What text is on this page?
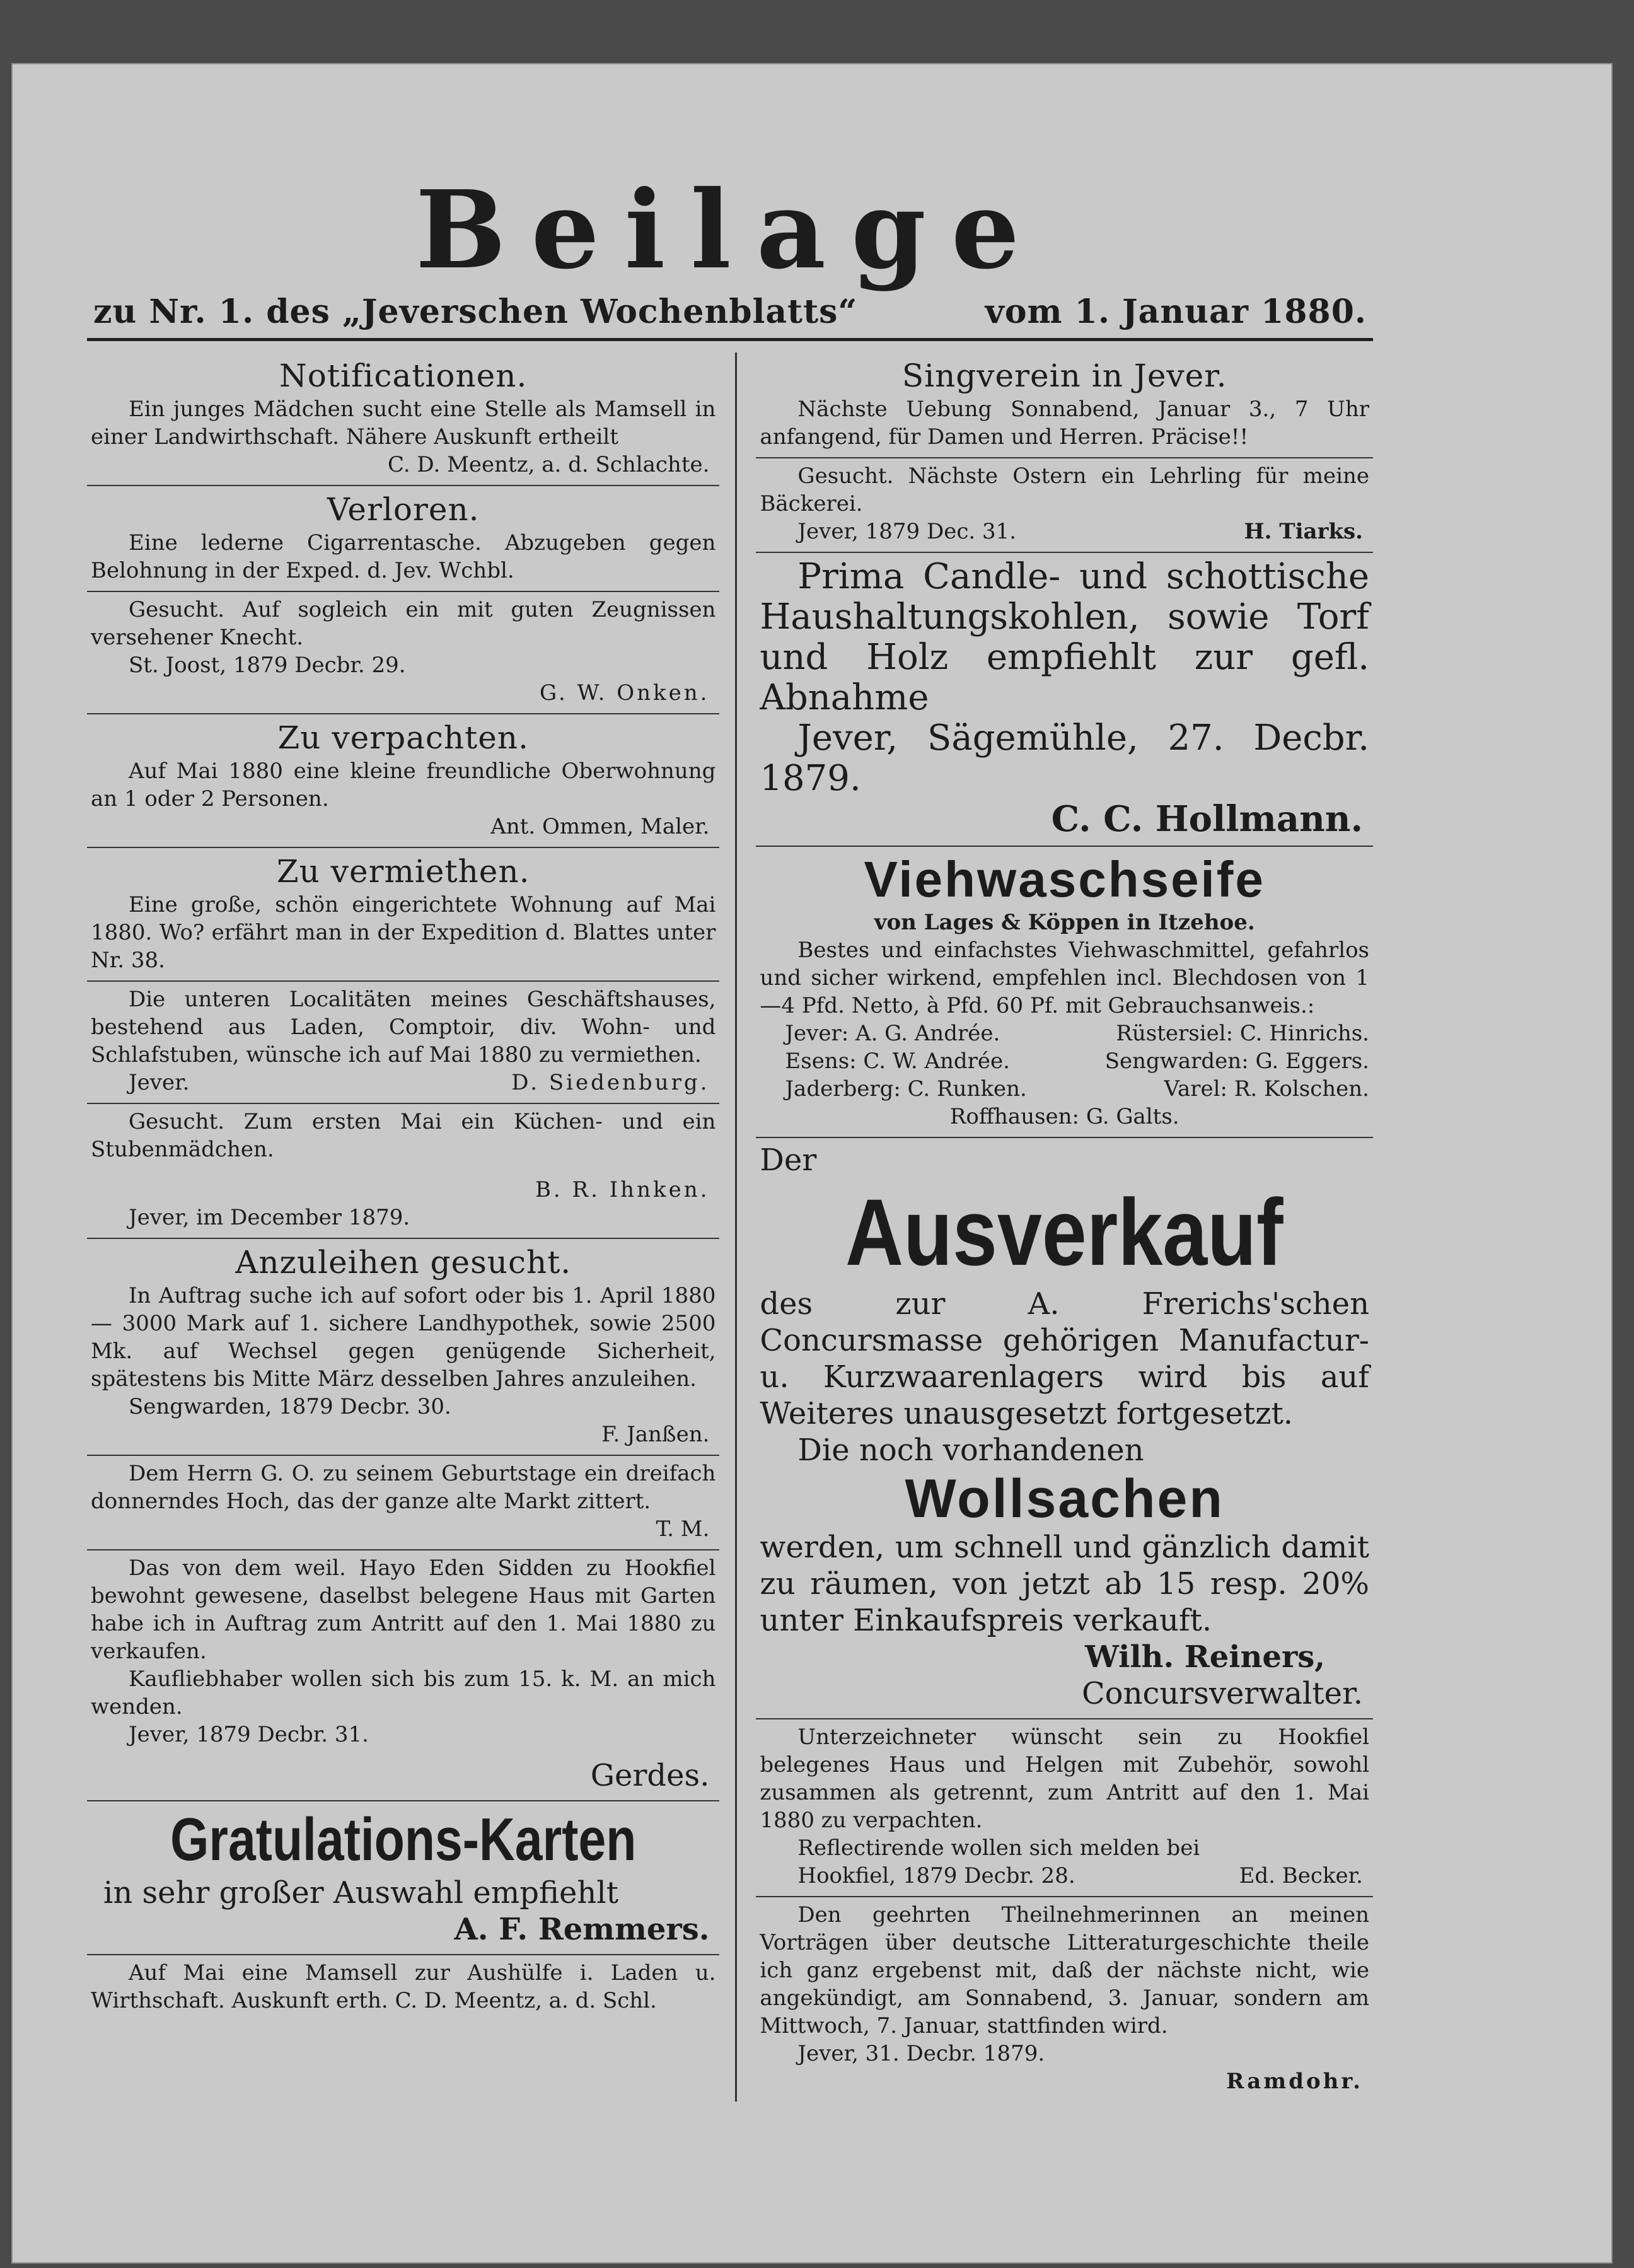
Beilage
zu Nr. 1. des „Jeverschen Wochenblatts“	vom 1. Januar 1880.
Notificationen.

Ein junges Mädchen sucht eine Stelle als Mamsell in einer Landwirthschaft. Nähere Auskunft ertheilt

C. D. Meentz, a. d. Schlachte.
Verloren.

Eine lederne Cigarrentasche. Abzugeben gegen Belohnung in der Exped. d. Jev. Wchbl.

Gesucht. Auf sogleich ein mit guten Zeugnissen versehener Knecht.

St. Joost, 1879 Decbr. 29.

G. W. Onken.
Zu verpachten.

Auf Mai 1880 eine kleine freundliche Oberwohnung an 1 oder 2 Personen.

Ant. Ommen, Maler.
Zu vermiethen.

Eine große, schön eingerichtete Wohnung auf Mai 1880. Wo? erfährt man in der Expedition d. Blattes unter Nr. 38.

Die unteren Localitäten meines Geschäftshauses, bestehend aus Laden, Comptoir, div. Wohn- und Schlafstuben, wünsche ich auf Mai 1880 zu vermiethen.

Jever.	D. Siedenburg.

Gesucht. Zum ersten Mai ein Küchen- und ein Stubenmädchen.

B. R. Ihnken.

Jever, im December 1879.

Anzuleihen gesucht.

In Auftrag suche ich auf sofort oder bis 1. April 1880 — 3000 Mark auf 1. sichere Landhypothek, sowie 2500 Mk. auf Wechsel gegen genügende Sicherheit, spätestens bis Mitte März desselben Jahres anzuleihen.

Sengwarden, 1879 Decbr. 30.

F. Janßen.

Dem Herrn G. O. zu seinem Geburtstage ein dreifach donnerndes Hoch, das der ganze alte Markt zittert.

T. M.

Das von dem weil. Hayo Eden Sidden zu Hookfiel bewohnt gewesene, daselbst belegene Haus mit Garten habe ich in Auftrag zum Antritt auf den 1. Mai 1880 zu verkaufen.

Kaufliebhaber wollen sich bis zum 15. k. M. an mich wenden.

Jever, 1879 Decbr. 31.

Gerdes.
Gratulations-Karten

in sehr großer Auswahl empfiehlt

A. F. Remmers.

Auf Mai eine Mamsell zur Aushülfe i. Laden u. Wirthschaft. Auskunft erth. C. D. Meentz, a. d. Schl.

Singverein in Jever.

Nächste Uebung Sonnabend, Januar 3., 7 Uhr anfangend, für Damen und Herren. Präcise!!

Gesucht. Nächste Ostern ein Lehrling für meine Bäckerei.

Jever, 1879 Dec. 31.	H. Tiarks.

Prima Candle- und schottische Haushaltungskohlen, sowie Torf und Holz empfiehlt zur gefl. Abnahme

Jever, Sägemühle, 27. Decbr. 1879.

C. C. Hollmann.
Viehwaschseife
von Lages & Köppen in Itzehoe.

Bestes und einfachstes Viehwaschmittel, gefahrlos und sicher wirkend, empfehlen incl. Blechdosen von 1—4 Pfd. Netto, à Pfd. 60 Pf. mit Gebrauchsanweis.:

Jever: A. G. Andrée.	Rüstersiel: C. Hinrichs.
Esens: C. W. Andrée.	Sengwarden: G. Eggers.
Jaderberg: C. Runken.	Varel: R. Kolschen.
Roffhausen: G. Galts.
Der
Ausverkauf

des zur A. Frerichs'schen Concursmasse gehörigen Manufactur- u. Kurzwaarenlagers wird bis auf Weiteres unausgesetzt fortgesetzt.

Die noch vorhandenen

Wollsachen

werden, um schnell und gänzlich damit zu räumen, von jetzt ab 15 resp. 20% unter Einkaufspreis verkauft.

Wilh. Reiners,
Concursverwalter.

Unterzeichneter wünscht sein zu Hookfiel belegenes Haus und Helgen mit Zubehör, sowohl zusammen als getrennt, zum Antritt auf den 1. Mai 1880 zu verpachten.

Reflectirende wollen sich melden bei

Hookfiel, 1879 Decbr. 28.	Ed. Becker.

Den geehrten Theilnehmerinnen an meinen Vorträgen über deutsche Litteraturgeschichte theile ich ganz ergebenst mit, daß der nächste nicht, wie angekündigt, am Sonnabend, 3. Januar, sondern am Mittwoch, 7. Januar, stattfinden wird.

Jever, 31. Decbr. 1879.

Ramdohr.
